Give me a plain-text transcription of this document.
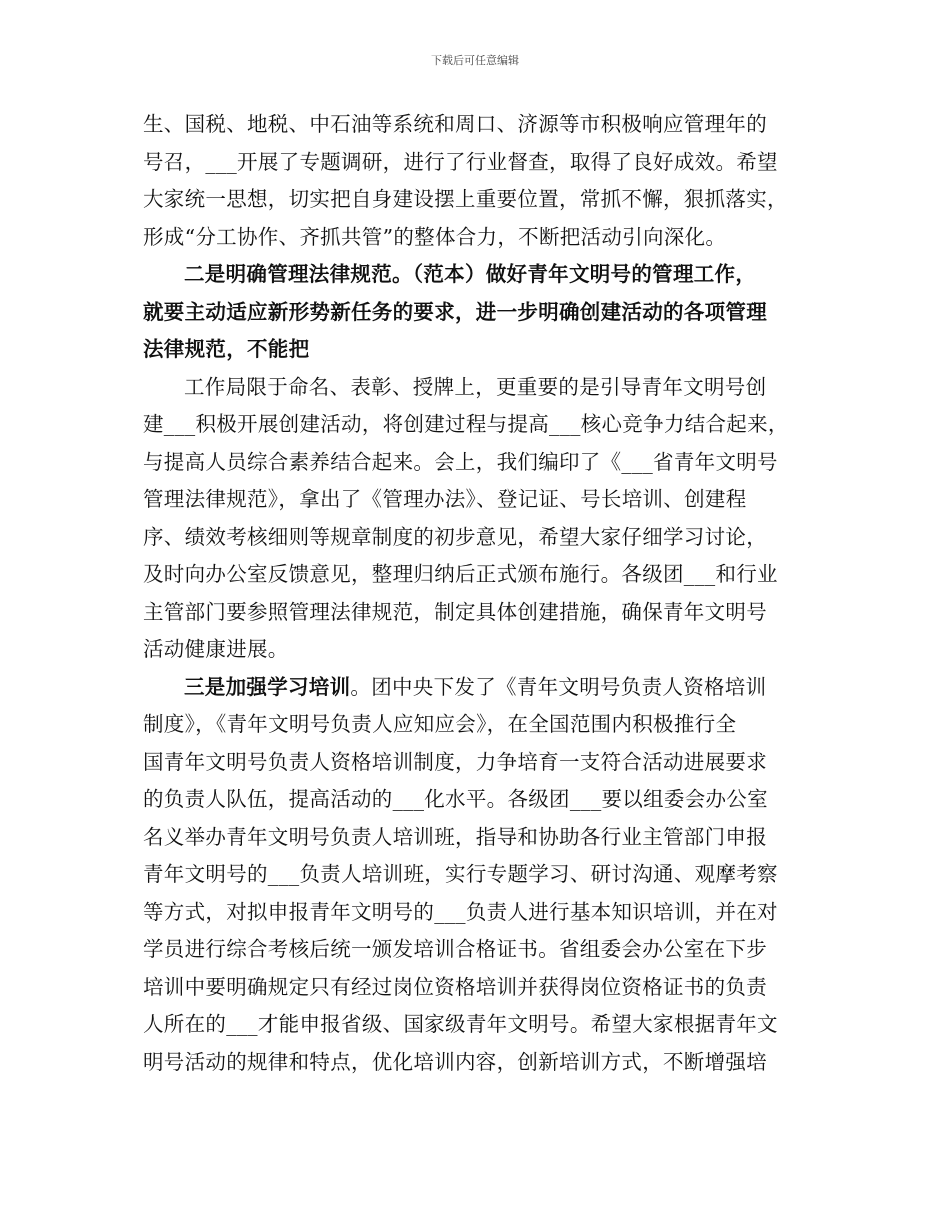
下载后可任意编辑
生、国税、地税、中石油等系统和周口、济源等市积极响应管理年的
号召，___开展了专题调研，进行了行业督查，取得了良好成效。希望
大家统一思想，切实把自身建设摆上重要位置，常抓不懈，狠抓落实，
形成“分工协作、齐抓共管”的整体合力，不断把活动引向深化。
二是明确管理法律规范。（范本）做好青年文明号的管理工作，
就要主动适应新形势新任务的要求，进一步明确创建活动的各项管理
法律规范，不能把
工作局限于命名、表彰、授牌上，更重要的是引导青年文明号创
建___积极开展创建活动，将创建过程与提高___核心竞争力结合起来，
与提高人员综合素养结合起来。会上，我们编印了《___省青年文明号
管理法律规范》，拿出了《管理办法》、登记证、号长培训、创建程
序、绩效考核细则等规章制度的初步意见，希望大家仔细学习讨论，
及时向办公室反馈意见，整理归纳后正式颁布施行。各级团___和行业
主管部门要参照管理法律规范，制定具体创建措施，确保青年文明号
活动健康进展。
三是加强学习培训。团中央下发了《青年文明号负责人资格培训
制度》，《青年文明号负责人应知应会》，在全国范围内积极推行全
国青年文明号负责人资格培训制度，力争培育一支符合活动进展要求
的负责人队伍，提高活动的___化水平。各级团___要以组委会办公室
名义举办青年文明号负责人培训班，指导和协助各行业主管部门申报
青年文明号的___负责人培训班，实行专题学习、研讨沟通、观摩考察
等方式，对拟申报青年文明号的___负责人进行基本知识培训，并在对
学员进行综合考核后统一颁发培训合格证书。省组委会办公室在下步
培训中要明确规定只有经过岗位资格培训并获得岗位资格证书的负责
人所在的___才能申报省级、国家级青年文明号。希望大家根据青年文
明号活动的规律和特点，优化培训内容，创新培训方式，不断增强培
